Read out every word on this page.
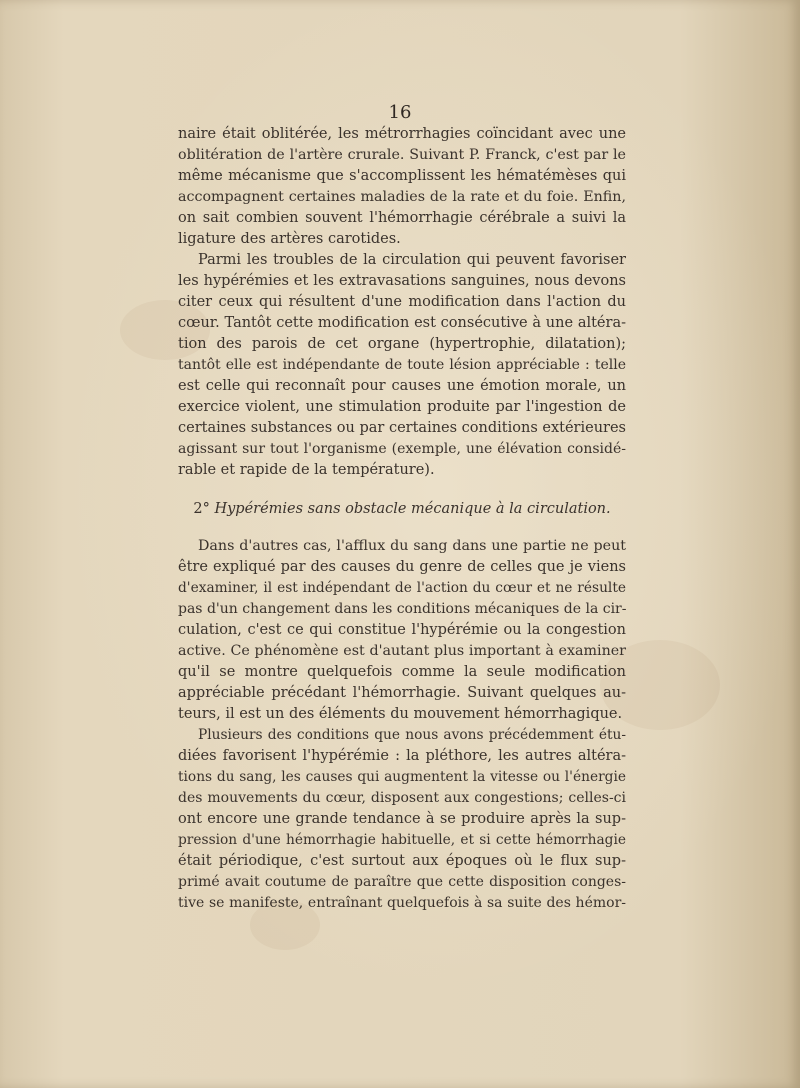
16
naire était oblitérée, les métrorrhagies coïncidant avec une
oblitération de l'artère crurale. Suivant P. Franck, c'est par le
même mécanisme que s'accomplissent les hématémèses qui
accompagnent certaines maladies de la rate et du foie. Enfin,
on sait combien souvent l'hémorrhagie cérébrale a suivi la
ligature des artères carotides.
Parmi les troubles de la circulation qui peuvent favoriser
les hypérémies et les extravasations sanguines, nous devons
citer ceux qui résultent d'une modification dans l'action du
cœur. Tantôt cette modification est consécutive à une altéra-
tion des parois de cet organe (hypertrophie, dilatation);
tantôt elle est indépendante de toute lésion appréciable : telle
est celle qui reconnaît pour causes une émotion morale, un
exercice violent, une stimulation produite par l'ingestion de
certaines substances ou par certaines conditions extérieures
agissant sur tout l'organisme (exemple, une élévation considé-
rable et rapide de la température).
2° Hypérémies sans obstacle mécanique à la circulation.
Dans d'autres cas, l'afflux du sang dans une partie ne peut
être expliqué par des causes du genre de celles que je viens
d'examiner, il est indépendant de l'action du cœur et ne résulte
pas d'un changement dans les conditions mécaniques de la cir-
culation, c'est ce qui constitue l'hypérémie ou la congestion
active. Ce phénomène est d'autant plus important à examiner
qu'il se montre quelquefois comme la seule modification
appréciable précédant l'hémorrhagie. Suivant quelques au-
teurs, il est un des éléments du mouvement hémorrhagique.
Plusieurs des conditions que nous avons précédemment étu-
diées favorisent l'hypérémie : la pléthore, les autres altéra-
tions du sang, les causes qui augmentent la vitesse ou l'énergie
des mouvements du cœur, disposent aux congestions; celles-ci
ont encore une grande tendance à se produire après la sup-
pression d'une hémorrhagie habituelle, et si cette hémorrhagie
était périodique, c'est surtout aux époques où le flux sup-
primé avait coutume de paraître que cette disposition conges-
tive se manifeste, entraînant quelquefois à sa suite des hémor-
